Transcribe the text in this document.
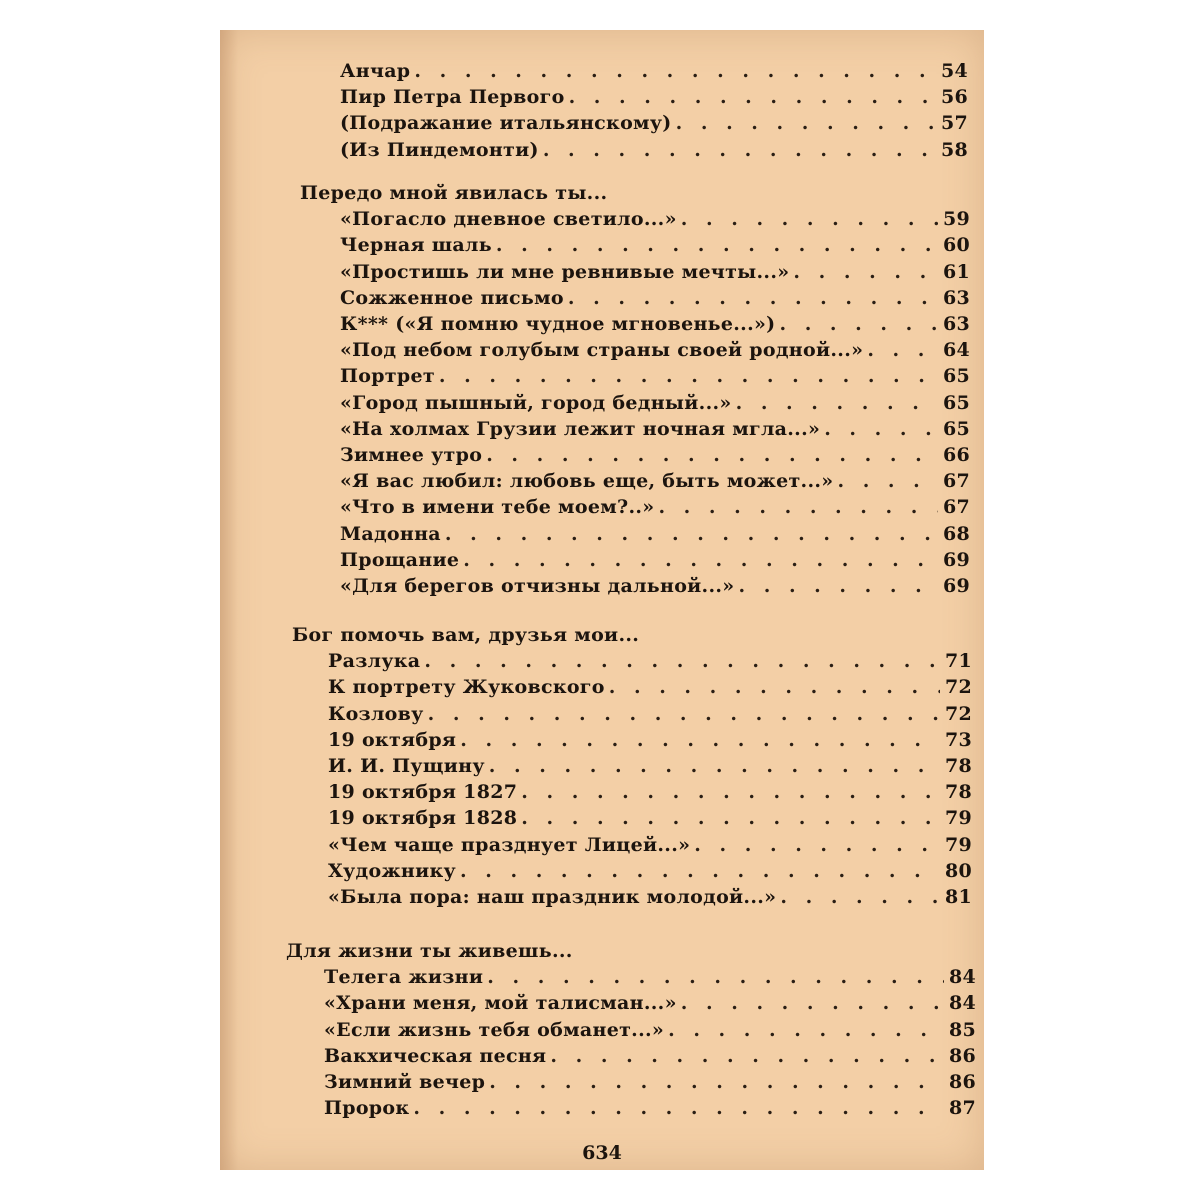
Анчар . . .	54
Пир Петра Первого . . .	56
(Подражание итальянскому) . . .	57
(Из Пиндемонти) . . .	58
Передо мной явилась ты...
«Погасло дневное светило...» . . .	59
Черная шаль . . .	60
«Простишь ли мне ревнивые мечты...» . . .	61
Сожженное письмо . . .	63
К*** («Я помню чудное мгновенье...») . . .	63
«Под небом голубым страны своей родной...» . . .	64
Портрет . . .	65
«Город пышный, город бедный...» . . .	65
«На холмах Грузии лежит ночная мгла...» . . .	65
Зимнее утро . . .	66
«Я вас любил: любовь еще, быть может...» . . .	67
«Что в имени тебе моем?..» . . .	67
Мадонна . . .	68
Прощание . . .	69
«Для берегов отчизны дальной...» . . .	69
Бог помочь вам, друзья мои...
Разлука . . .	71
К портрету Жуковского . . .	72
Козлову . . .	72
19 октября . . .	73
И. И. Пущину . . .	78
19 октября 1827 . . .	78
19 октября 1828 . . .	79
«Чем чаще празднует Лицей...» . . .	79
Художнику . . .	80
«Была пора: наш праздник молодой...» . . .	81
Для жизни ты живешь...
Телега жизни . . .	84
«Храни меня, мой талисман...» . . .	84
«Если жизнь тебя обманет...» . . .	85
Вакхическая песня . . .	86
Зимний вечер . . .	86
Пророк . . .	87
634
